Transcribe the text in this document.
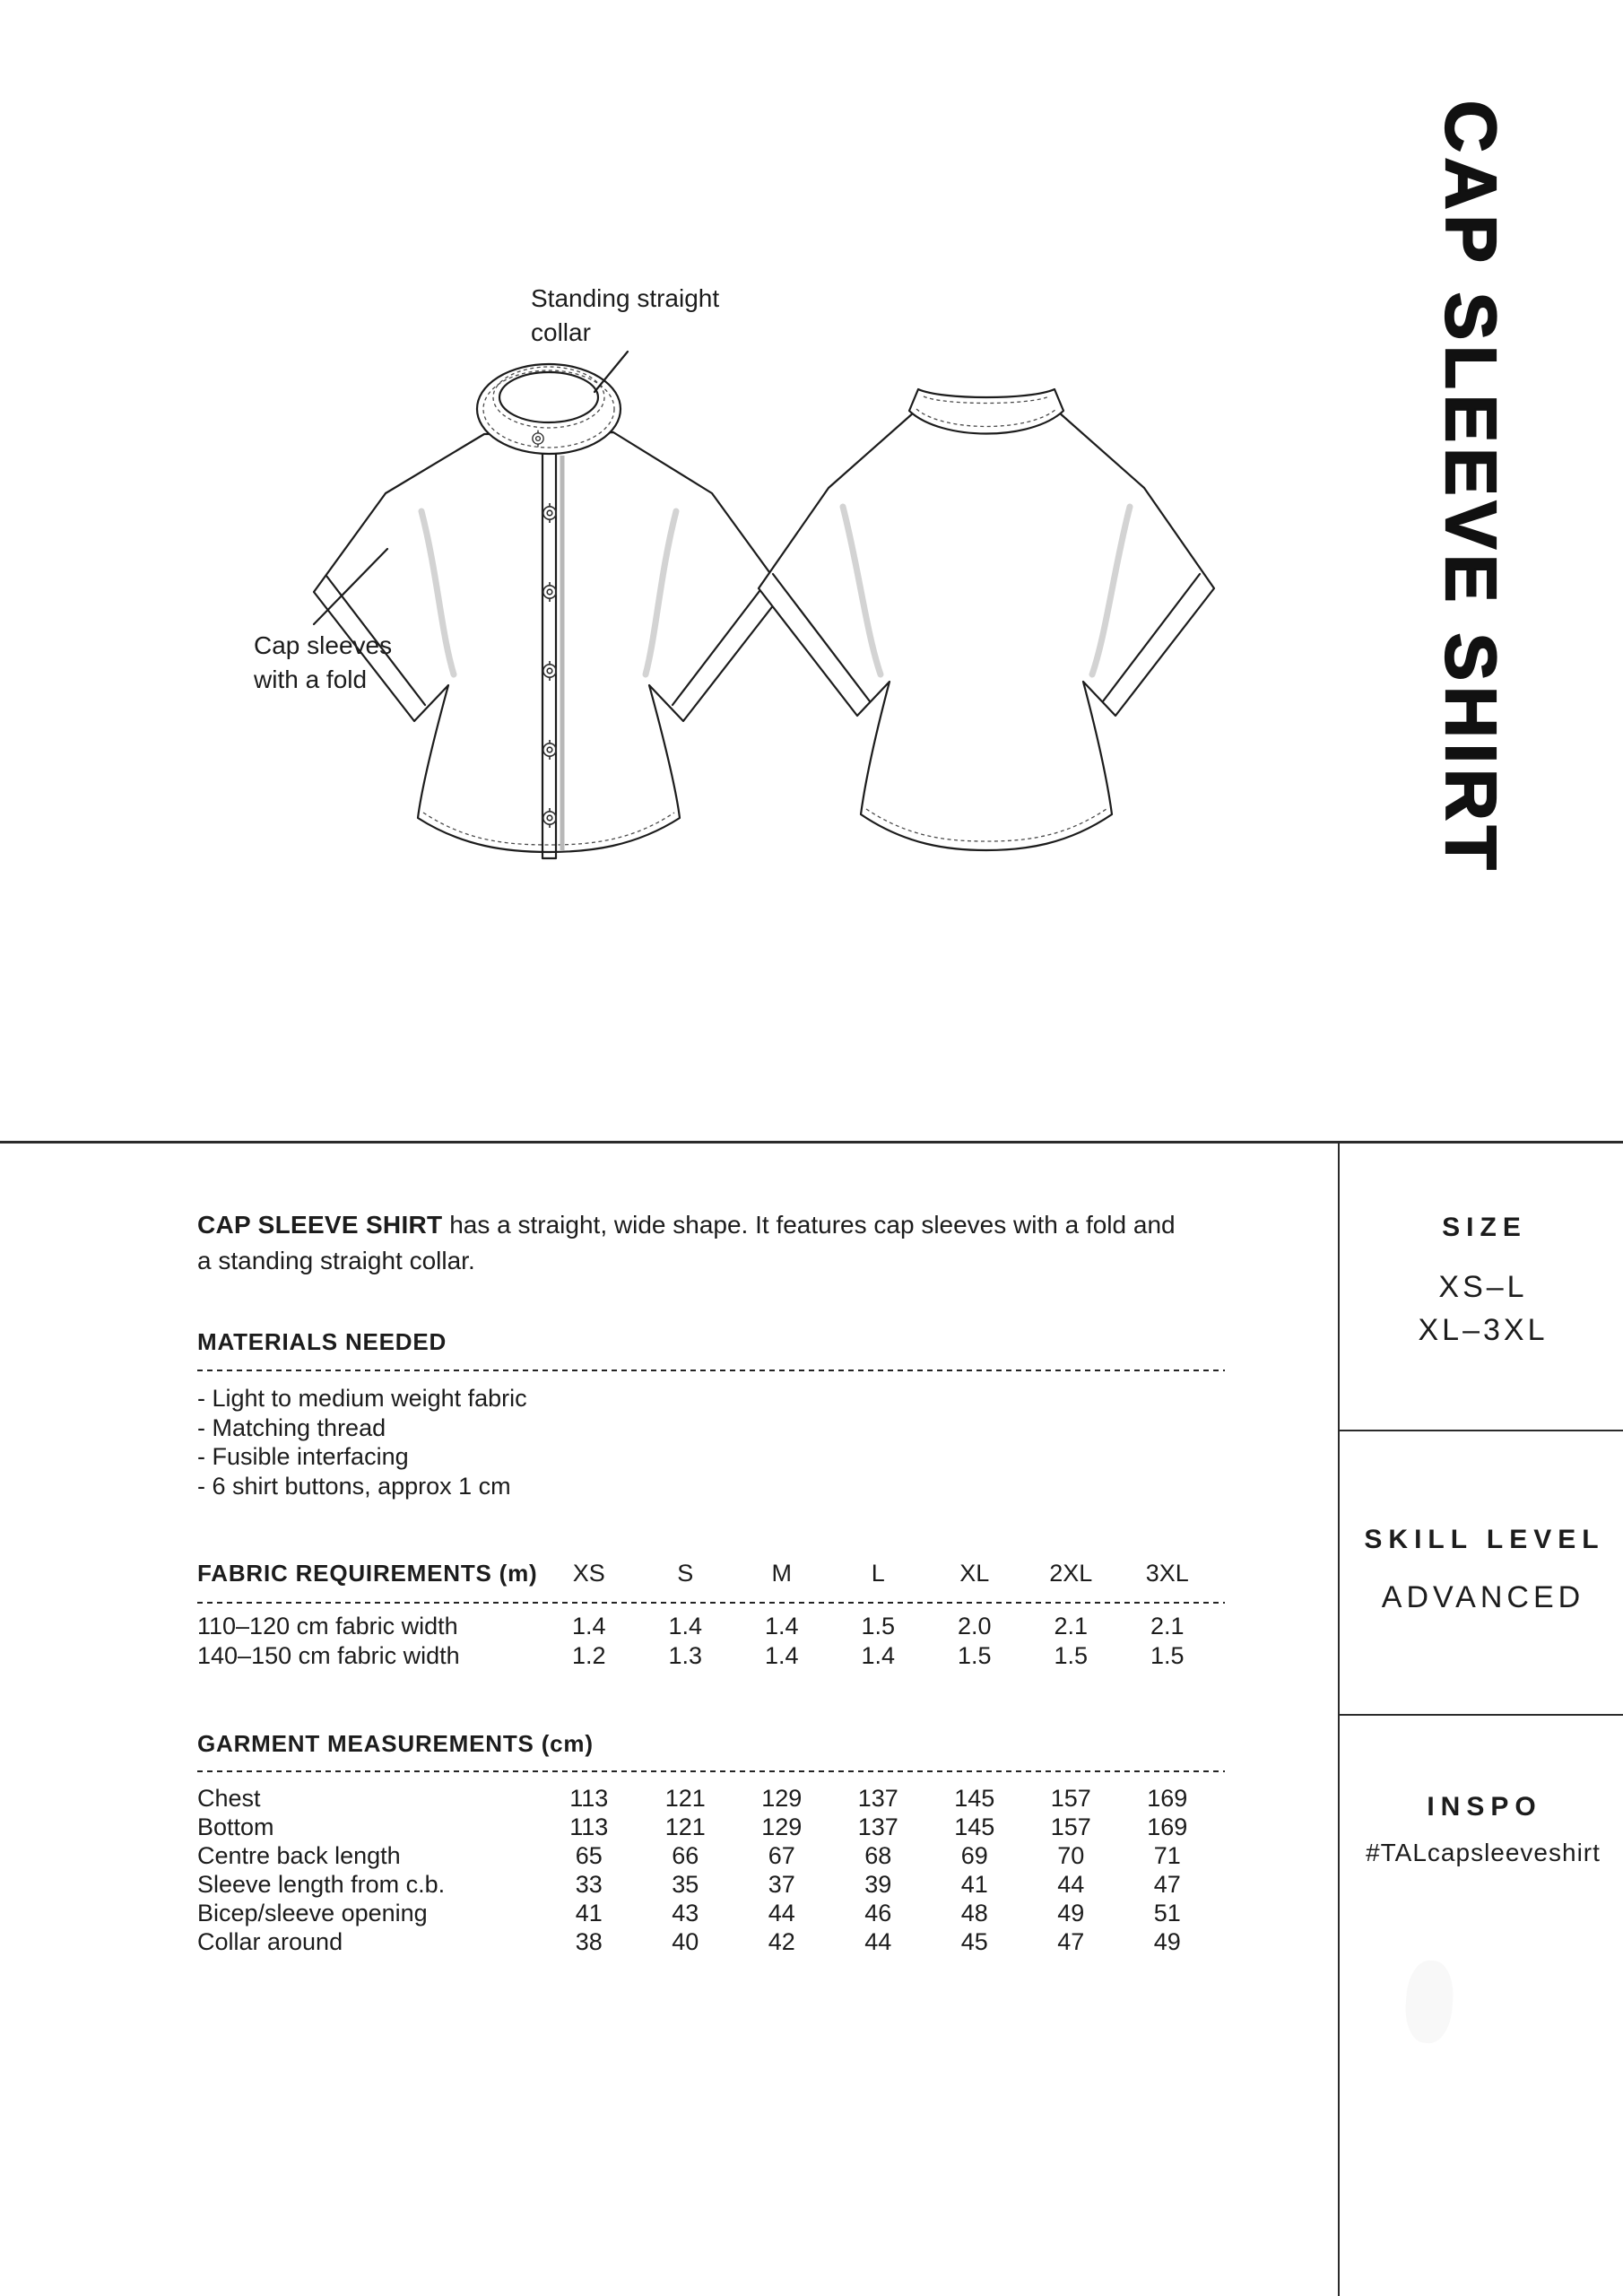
Standing straight
collar
Cap sleeves
with a fold	CAP SLEEVE SHIRT
CAP SLEEVE SHIRT has a straight, wide shape. It features cap sleeves with a fold and
a standing straight collar.
MATERIALS NEEDED
- Light to medium weight fabric
- Matching thread
- Fusible interfacing
- 6 shirt buttons, approx 1 cm
FABRIC REQUIREMENTS (m)	XS	S	M	L	XL	2XL	3XL
110–120 cm fabric width	1.4	1.4	1.4	1.5	2.0	2.1	2.1
140–150 cm fabric width	1.2	1.3	1.4	1.4	1.5	1.5	1.5
GARMENT MEASUREMENTS (cm)
Chest	113	121	129	137	145	157	169
Bottom	113	121	129	137	145	157	169
Centre back length	65	66	67	68	69	70	71
Sleeve length from c.b.	33	35	37	39	41	44	47
Bicep/sleeve opening	41	43	44	46	48	49	51
Collar around	38	40	42	44	45	47	49
SIZE
XS–L
XL–3XL
SKILL LEVEL
ADVANCED
INSPO
#TALcapsleeveshirt
